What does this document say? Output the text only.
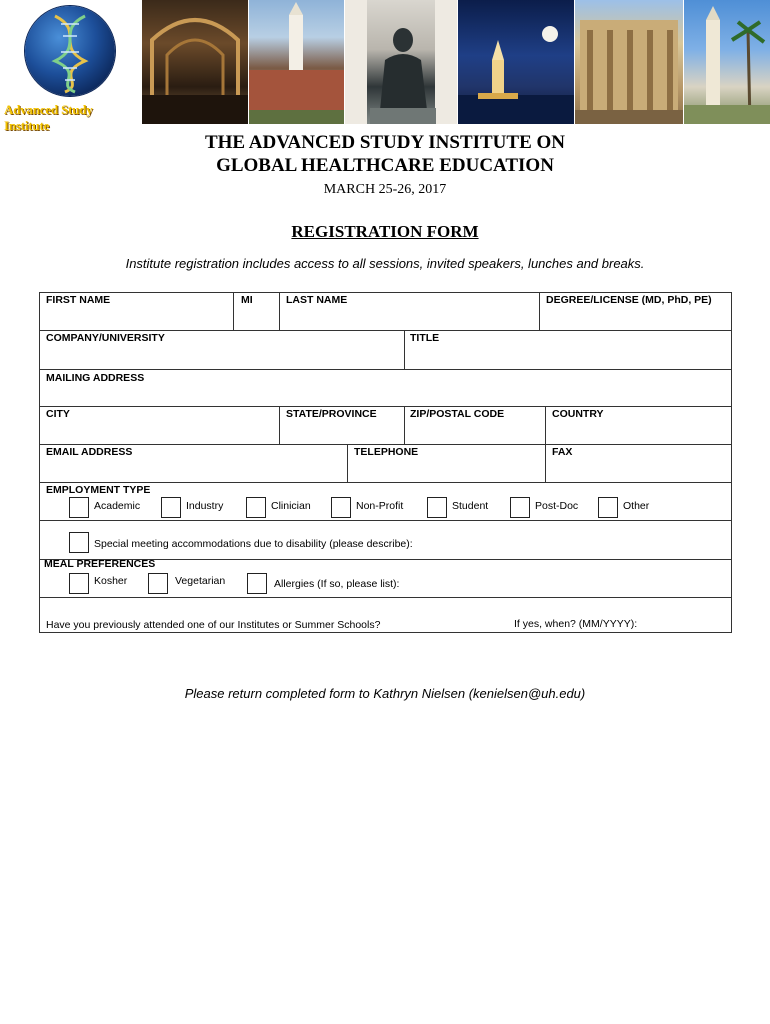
Advanced Study Institute
THE ADVANCED STUDY INSTITUTE ON
GLOBAL HEALTHCARE EDUCATION
MARCH 25-26, 2017
REGISTRATION FORM
Institute registration includes access to all sessions, invited speakers, lunches and breaks.
FIRST NAME	MI	LAST NAME	DEGREE/LICENSE (MD, PhD, PE)
COMPANY/UNIVERSITY	TITLE
MAILING ADDRESS
CITY	STATE/PROVINCE	ZIP/POSTAL CODE	COUNTRY
EMAIL ADDRESS	TELEPHONE	FAX
EMPLOYMENT TYPE
Academic	Industry	Clinician	Non-Profit	Student	Post-Doc	Other
Special meeting accommodations due to disability (please describe):
MEAL PREFERENCES
Kosher	Vegetarian	Allergies (If so, please list):
Have you previously attended one of our Institutes or Summer Schools?	If yes, when? (MM/YYYY):
Please return completed form to Kathryn Nielsen (kenielsen@uh.edu)
